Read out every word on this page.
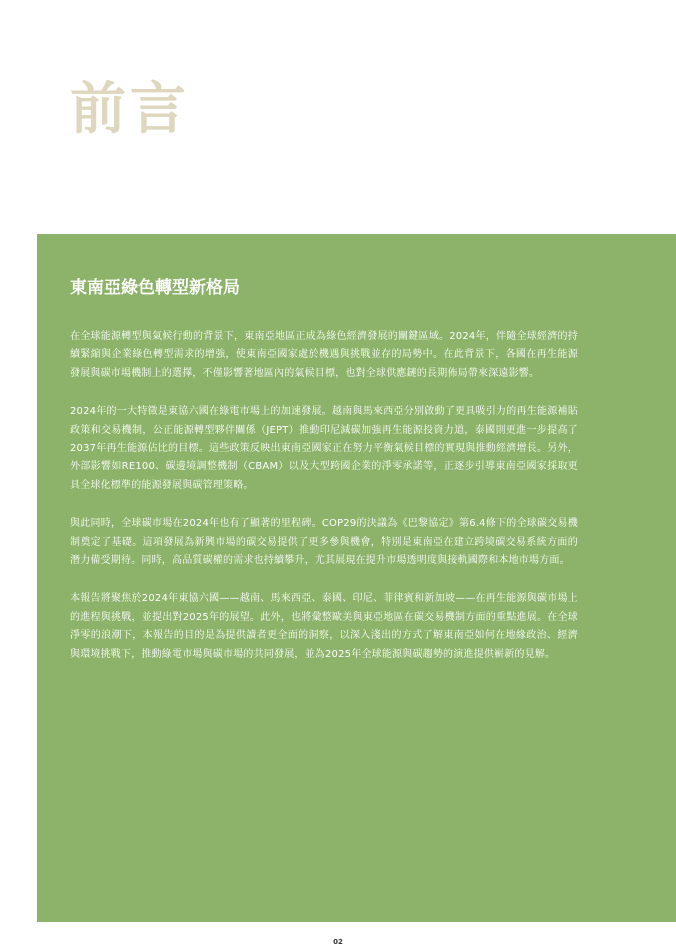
前言
東南亞綠色轉型新格局

在全球能源轉型與氣候行動的背景下，東南亞地區正成為綠色經濟發展的關鍵區域。2024年，伴隨全球經濟的持續緊縮與企業綠色轉型需求的增強，使東南亞國家處於機遇與挑戰並存的局勢中。在此背景下，各國在再生能源發展與碳市場機制上的選擇，不僅影響著地區內的氣候目標，也對全球供應鏈的長期佈局帶來深遠影響。

2024年的一大特徵是東協六國在綠電市場上的加速發展。越南與馬來西亞分別啟動了更具吸引力的再生能源補貼政策和交易機制，公正能源轉型夥伴關係（JEPT）推動印尼減碳加強再生能源投資力道，泰國則更進一步提高了2037年再生能源佔比的目標。這些政策反映出東南亞國家正在努力平衡氣候目標的實現與推動經濟增長。另外，外部影響如RE100、碳邊境調整機制（CBAM）以及大型跨國企業的淨零承諾等，正逐步引導東南亞國家採取更具全球化標準的能源發展與碳管理策略。

與此同時，全球碳市場在2024年也有了顯著的里程碑。COP29的決議為《巴黎協定》第6.4條下的全球碳交易機制奠定了基礎。這項發展為新興市場的碳交易提供了更多參與機會，特別是東南亞在建立跨境碳交易系統方面的潛力備受期待。同時，高品質碳權的需求也持續攀升，尤其展現在提升市場透明度與接軌國際和本地市場方面。

本報告將聚焦於2024年東協六國——越南、馬來西亞、泰國、印尼、菲律賓和新加坡——在再生能源與碳市場上的進程與挑戰，並提出對2025年的展望。此外，也將彙整歐美與東亞地區在碳交易機制方面的重點進展。在全球淨零的浪潮下，本報告的目的是為提供讀者更全面的洞察，以深入淺出的方式了解東南亞如何在地緣政治、經濟與環境挑戰下，推動綠電市場與碳市場的共同發展，並為2025年全球能源與碳趨勢的演進提供嶄新的見解。

02
